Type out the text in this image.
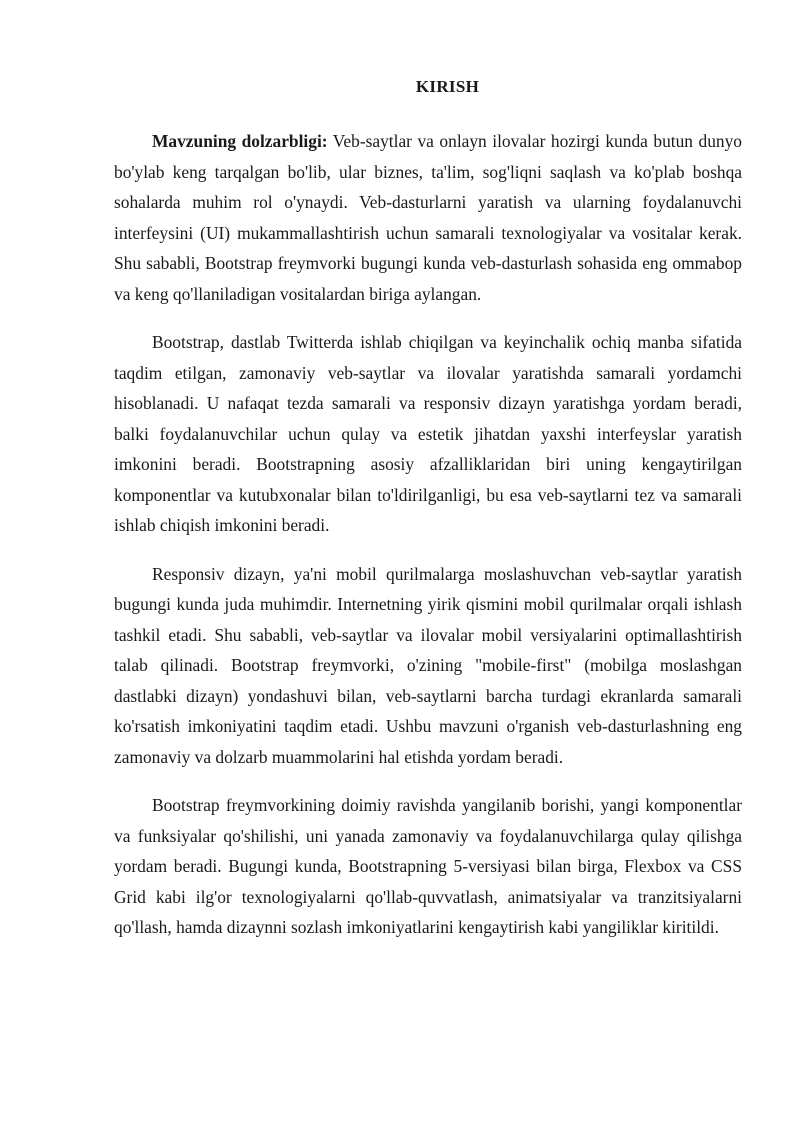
KIRISH

Mavzuning dolzarbligi: Veb-saytlar va onlayn ilovalar hozirgi kunda butun dunyo bo'ylab keng tarqalgan bo'lib, ular biznes, ta'lim, sog'liqni saqlash va ko'plab boshqa sohalarda muhim rol o'ynaydi. Veb-dasturlarni yaratish va ularning foydalanuvchi interfeysini (UI) mukammallashtirish uchun samarali texnologiyalar va vositalar kerak. Shu sababli, Bootstrap freymvorki bugungi kunda veb-dasturlash sohasida eng ommabop va keng qo'llaniladigan vositalardan biriga aylangan.

Bootstrap, dastlab Twitterda ishlab chiqilgan va keyinchalik ochiq manba sifatida taqdim etilgan, zamonaviy veb-saytlar va ilovalar yaratishda samarali yordamchi hisoblanadi. U nafaqat tezda samarali va responsiv dizayn yaratishga yordam beradi, balki foydalanuvchilar uchun qulay va estetik jihatdan yaxshi interfeyslar yaratish imkonini beradi. Bootstrapning asosiy afzalliklaridan biri uning kengaytirilgan komponentlar va kutubxonalar bilan to'ldirilganligi, bu esa veb-saytlarni tez va samarali ishlab chiqish imkonini beradi.

Responsiv dizayn, ya'ni mobil qurilmalarga moslashuvchan veb-saytlar yaratish bugungi kunda juda muhimdir. Internetning yirik qismini mobil qurilmalar orqali ishlash tashkil etadi. Shu sababli, veb-saytlar va ilovalar mobil versiyalarini optimallashtirish talab qilinadi. Bootstrap freymvorki, o'zining "mobile-first" (mobilga moslashgan dastlabki dizayn) yondashuvi bilan, veb-saytlarni barcha turdagi ekranlarda samarali ko'rsatish imkoniyatini taqdim etadi. Ushbu mavzuni o'rganish veb-dasturlashning eng zamonaviy va dolzarb muammolarini hal etishda yordam beradi.

Bootstrap freymvorkining doimiy ravishda yangilanib borishi, yangi komponentlar va funksiyalar qo'shilishi, uni yanada zamonaviy va foydalanuvchilarga qulay qilishga yordam beradi. Bugungi kunda, Bootstrapning 5-versiyasi bilan birga, Flexbox va CSS Grid kabi ilg'or texnologiyalarni qo'llab-quvvatlash, animatsiyalar va tranzitsiyalarni qo'llash, hamda dizaynni sozlash imkoniyatlarini kengaytirish kabi yangiliklar kiritildi.
